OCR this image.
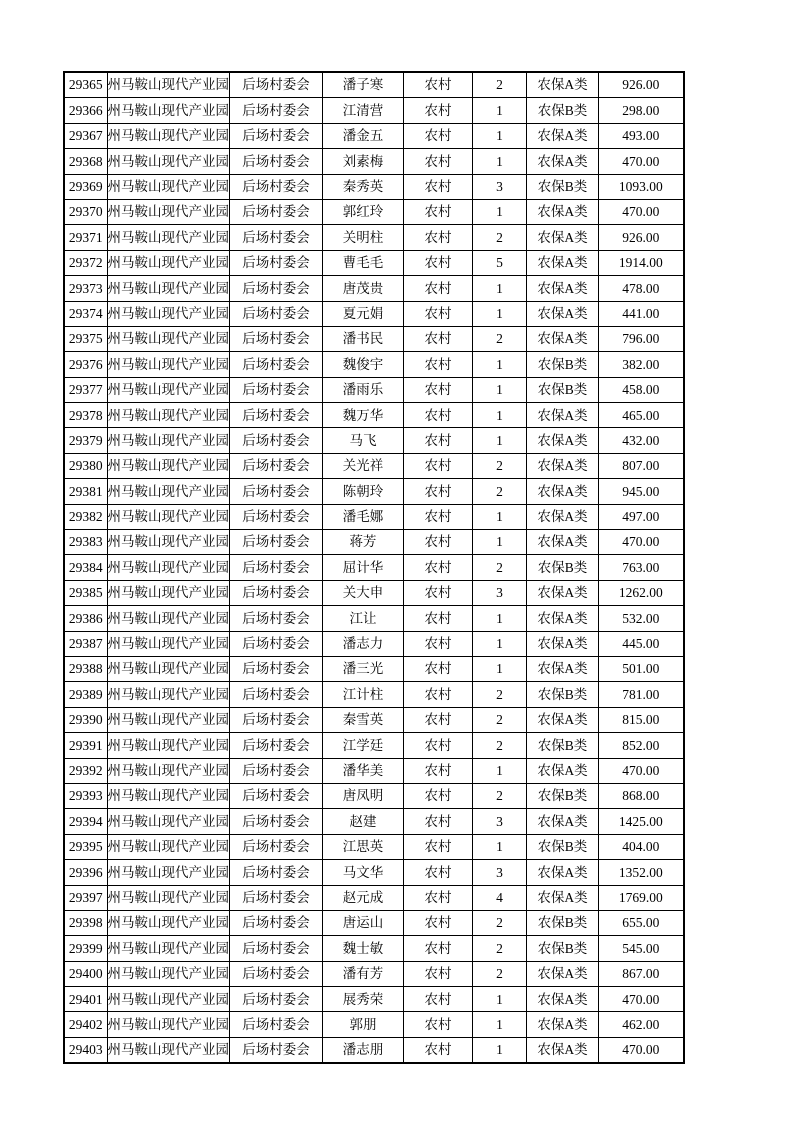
29365	州马鞍山现代产业园	后场村委会	潘子寒	农村	2	农保A类	926.00

29366	州马鞍山现代产业园	后场村委会	江清营	农村	1	农保B类	298.00

29367	州马鞍山现代产业园	后场村委会	潘金五	农村	1	农保A类	493.00

29368	州马鞍山现代产业园	后场村委会	刘素梅	农村	1	农保A类	470.00

29369	州马鞍山现代产业园	后场村委会	秦秀英	农村	3	农保B类	1093.00

29370	州马鞍山现代产业园	后场村委会	郭红玲	农村	1	农保A类	470.00

29371	州马鞍山现代产业园	后场村委会	关明柱	农村	2	农保A类	926.00

29372	州马鞍山现代产业园	后场村委会	曹毛毛	农村	5	农保A类	1914.00

29373	州马鞍山现代产业园	后场村委会	唐茂贵	农村	1	农保A类	478.00

29374	州马鞍山现代产业园	后场村委会	夏元娟	农村	1	农保A类	441.00

29375	州马鞍山现代产业园	后场村委会	潘书民	农村	2	农保A类	796.00

29376	州马鞍山现代产业园	后场村委会	魏俊宇	农村	1	农保B类	382.00

29377	州马鞍山现代产业园	后场村委会	潘雨乐	农村	1	农保B类	458.00

29378	州马鞍山现代产业园	后场村委会	魏万华	农村	1	农保A类	465.00

29379	州马鞍山现代产业园	后场村委会	马飞	农村	1	农保A类	432.00

29380	州马鞍山现代产业园	后场村委会	关光祥	农村	2	农保A类	807.00

29381	州马鞍山现代产业园	后场村委会	陈朝玲	农村	2	农保A类	945.00

29382	州马鞍山现代产业园	后场村委会	潘毛娜	农村	1	农保A类	497.00

29383	州马鞍山现代产业园	后场村委会	蒋芳	农村	1	农保A类	470.00

29384	州马鞍山现代产业园	后场村委会	屈计华	农村	2	农保B类	763.00

29385	州马鞍山现代产业园	后场村委会	关大申	农村	3	农保A类	1262.00

29386	州马鞍山现代产业园	后场村委会	江让	农村	1	农保A类	532.00

29387	州马鞍山现代产业园	后场村委会	潘志力	农村	1	农保A类	445.00

29388	州马鞍山现代产业园	后场村委会	潘三光	农村	1	农保A类	501.00

29389	州马鞍山现代产业园	后场村委会	江计柱	农村	2	农保B类	781.00

29390	州马鞍山现代产业园	后场村委会	秦雪英	农村	2	农保A类	815.00

29391	州马鞍山现代产业园	后场村委会	江学廷	农村	2	农保B类	852.00

29392	州马鞍山现代产业园	后场村委会	潘华美	农村	1	农保A类	470.00

29393	州马鞍山现代产业园	后场村委会	唐凤明	农村	2	农保B类	868.00

29394	州马鞍山现代产业园	后场村委会	赵建	农村	3	农保A类	1425.00

29395	州马鞍山现代产业园	后场村委会	江思英	农村	1	农保B类	404.00

29396	州马鞍山现代产业园	后场村委会	马文华	农村	3	农保A类	1352.00

29397	州马鞍山现代产业园	后场村委会	赵元成	农村	4	农保A类	1769.00

29398	州马鞍山现代产业园	后场村委会	唐运山	农村	2	农保B类	655.00

29399	州马鞍山现代产业园	后场村委会	魏士敏	农村	2	农保B类	545.00

29400	州马鞍山现代产业园	后场村委会	潘有芳	农村	2	农保A类	867.00

29401	州马鞍山现代产业园	后场村委会	展秀荣	农村	1	农保A类	470.00

29402	州马鞍山现代产业园	后场村委会	郭朋	农村	1	农保A类	462.00

29403	州马鞍山现代产业园	后场村委会	潘志朋	农村	1	农保A类	470.00
